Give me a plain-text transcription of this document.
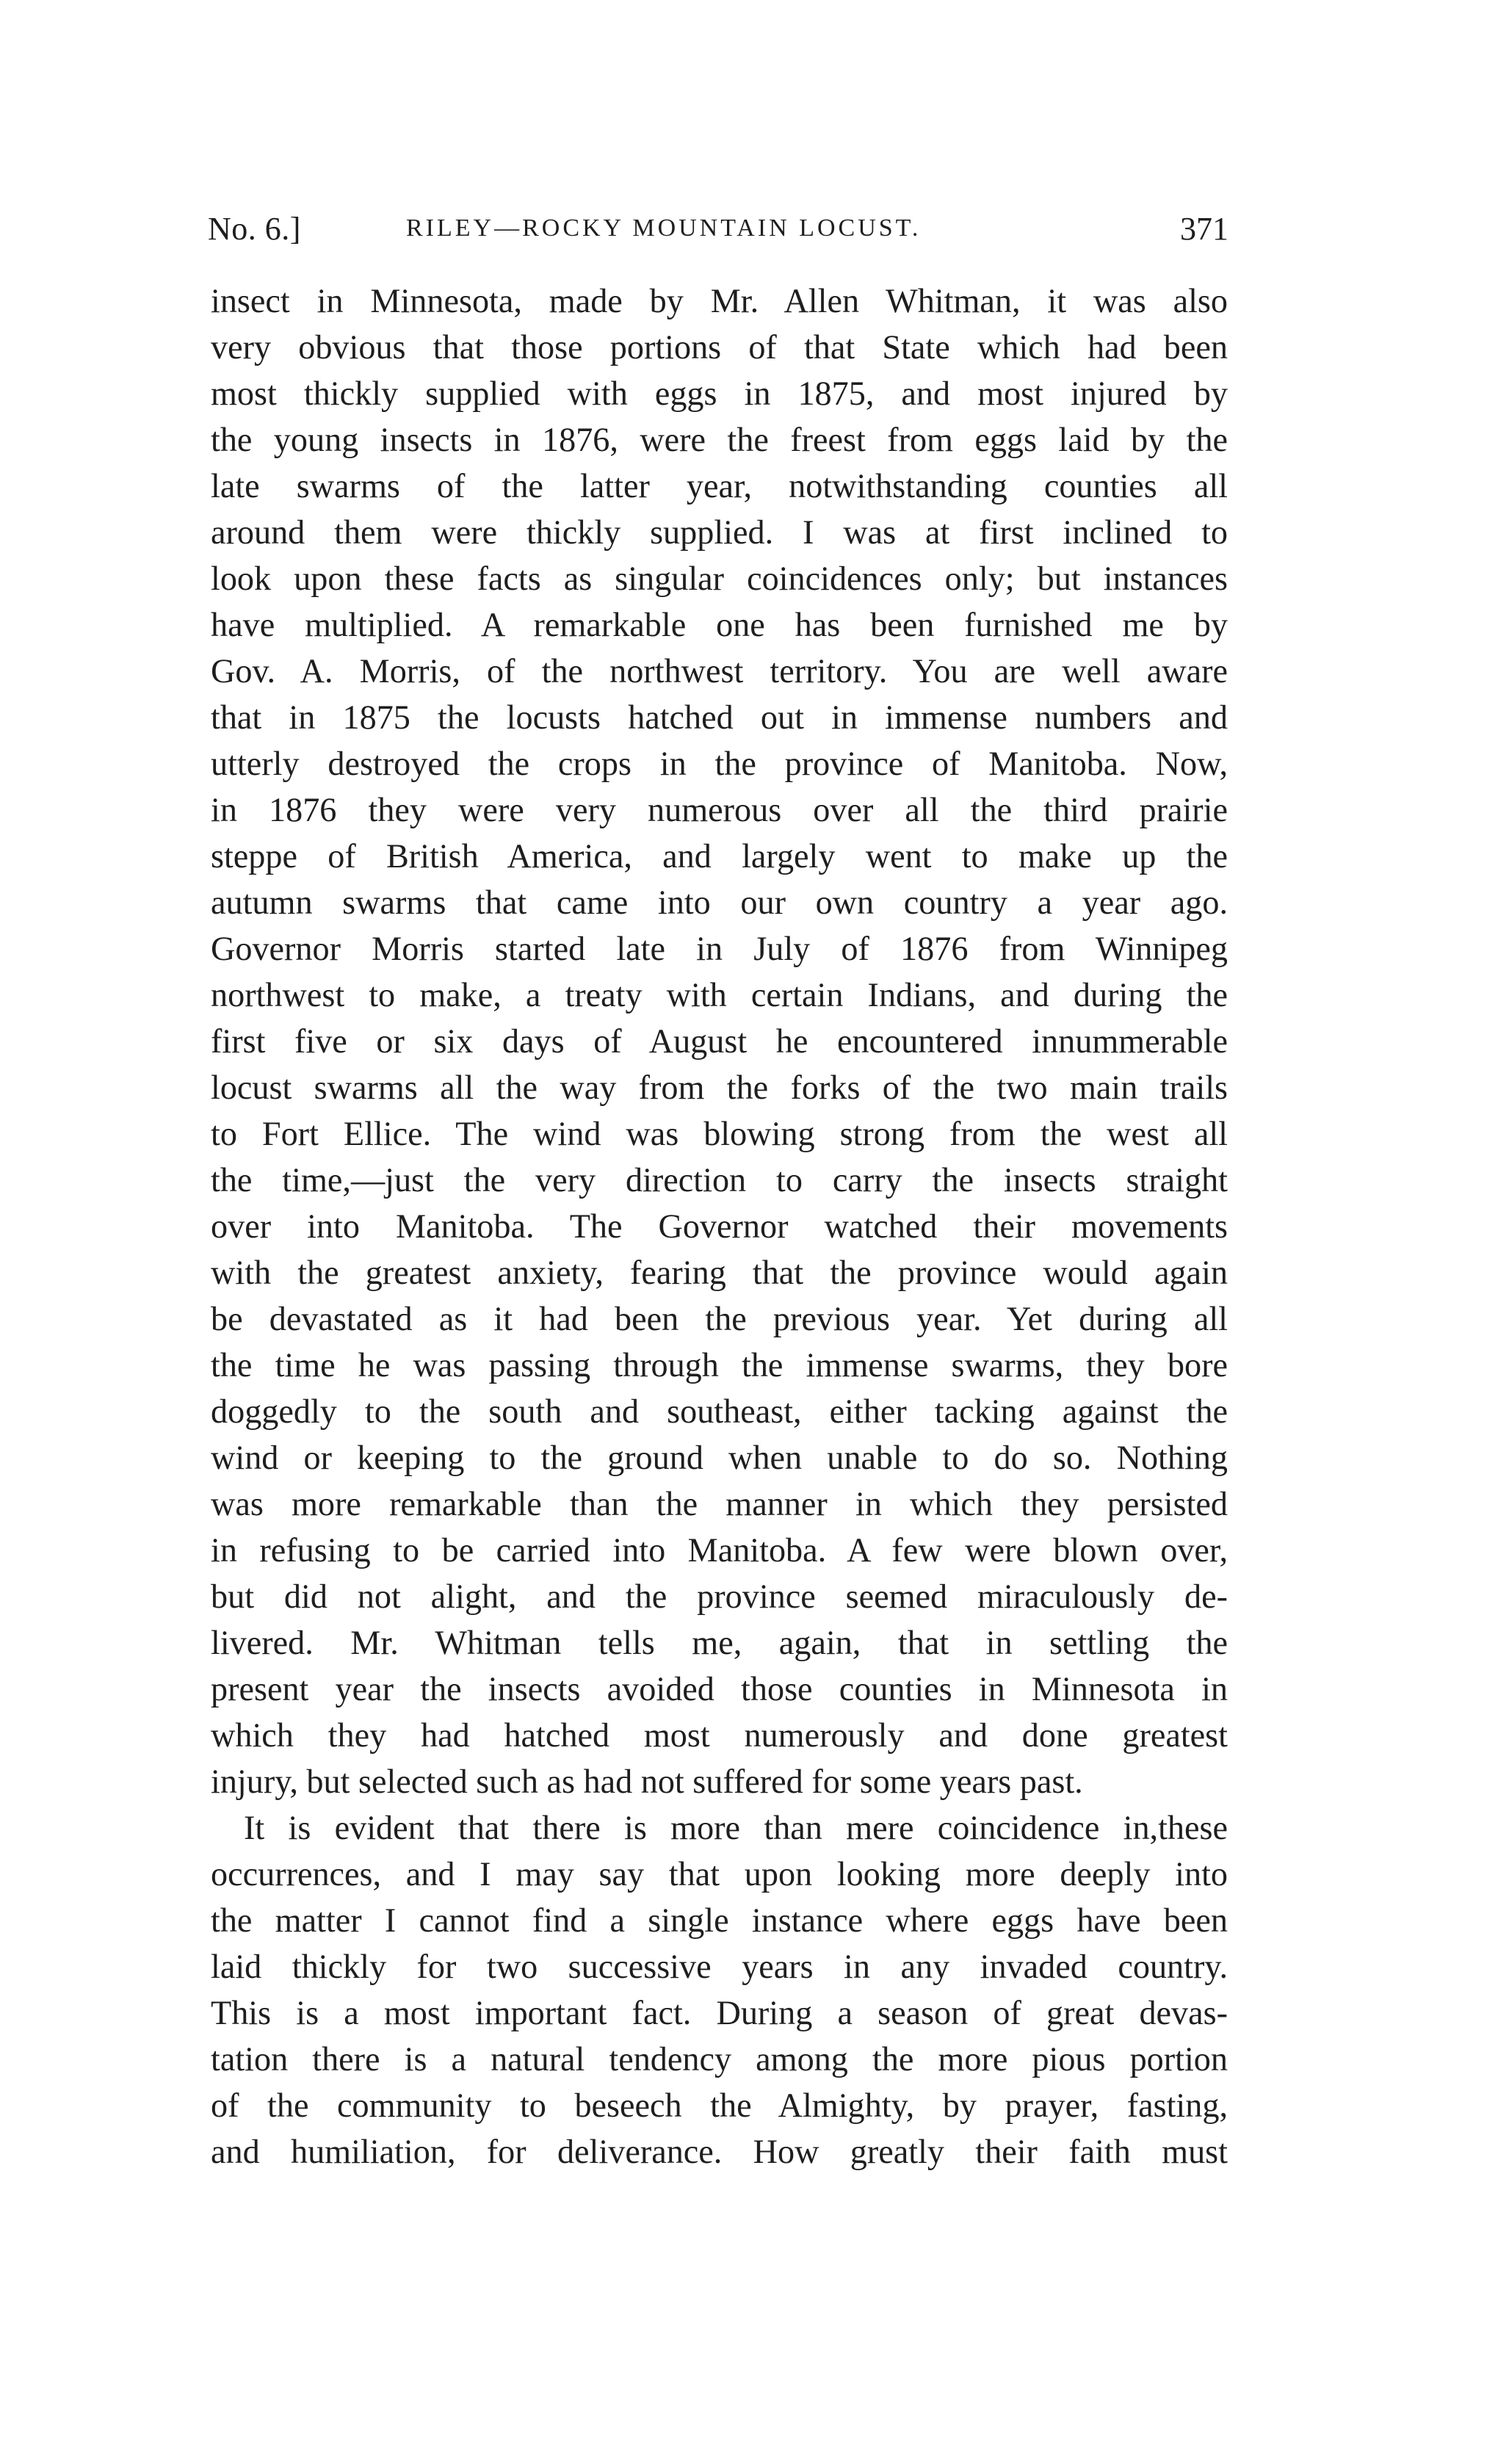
No. 6.]	RILEY—ROCKY MOUNTAIN LOCUST.	371
insect in Minnesota, made by Mr. Allen Whitman, it was also
very obvious that those portions of that State which had been
most thickly supplied with eggs in 1875, and most injured by
the young insects in 1876, were the freest from eggs laid by the
late swarms of the latter year, notwithstanding counties all
around them were thickly supplied. I was at first inclined to
look upon these facts as singular coincidences only; but instances
have multiplied. A remarkable one has been furnished me by
Gov. A. Morris, of the northwest territory. You are well aware
that in 1875 the locusts hatched out in immense numbers and
utterly destroyed the crops in the province of Manitoba. Now,
in 1876 they were very numerous over all the third prairie
steppe of British America, and largely went to make up the
autumn swarms that came into our own country a year ago.
Governor Morris started late in July of 1876 from Winnipeg
northwest to make, a treaty with certain Indians, and during the
first five or six days of August he encountered innummerable
locust swarms all the way from the forks of the two main trails
to Fort Ellice. The wind was blowing strong from the west all
the time,—just the very direction to carry the insects straight
over into Manitoba. The Governor watched their movements
with the greatest anxiety, fearing that the province would again
be devastated as it had been the previous year. Yet during all
the time he was passing through the immense swarms, they bore
doggedly to the south and southeast, either tacking against the
wind or keeping to the ground when unable to do so. Nothing
was more remarkable than the manner in which they persisted
in refusing to be carried into Manitoba. A few were blown over,
but did not alight, and the province seemed miraculously de-
livered. Mr. Whitman tells me, again, that in settling the
present year the insects avoided those counties in Minnesota in
which they had hatched most numerously and done greatest
injury, but selected such as had not suffered for some years past.
It is evident that there is more than mere coincidence in,these
occurrences, and I may say that upon looking more deeply into
the matter I cannot find a single instance where eggs have been
laid thickly for two successive years in any invaded country.
This is a most important fact. During a season of great devas-
tation there is a natural tendency among the more pious portion
of the community to beseech the Almighty, by prayer, fasting,
and humiliation, for deliverance. How greatly their faith must
